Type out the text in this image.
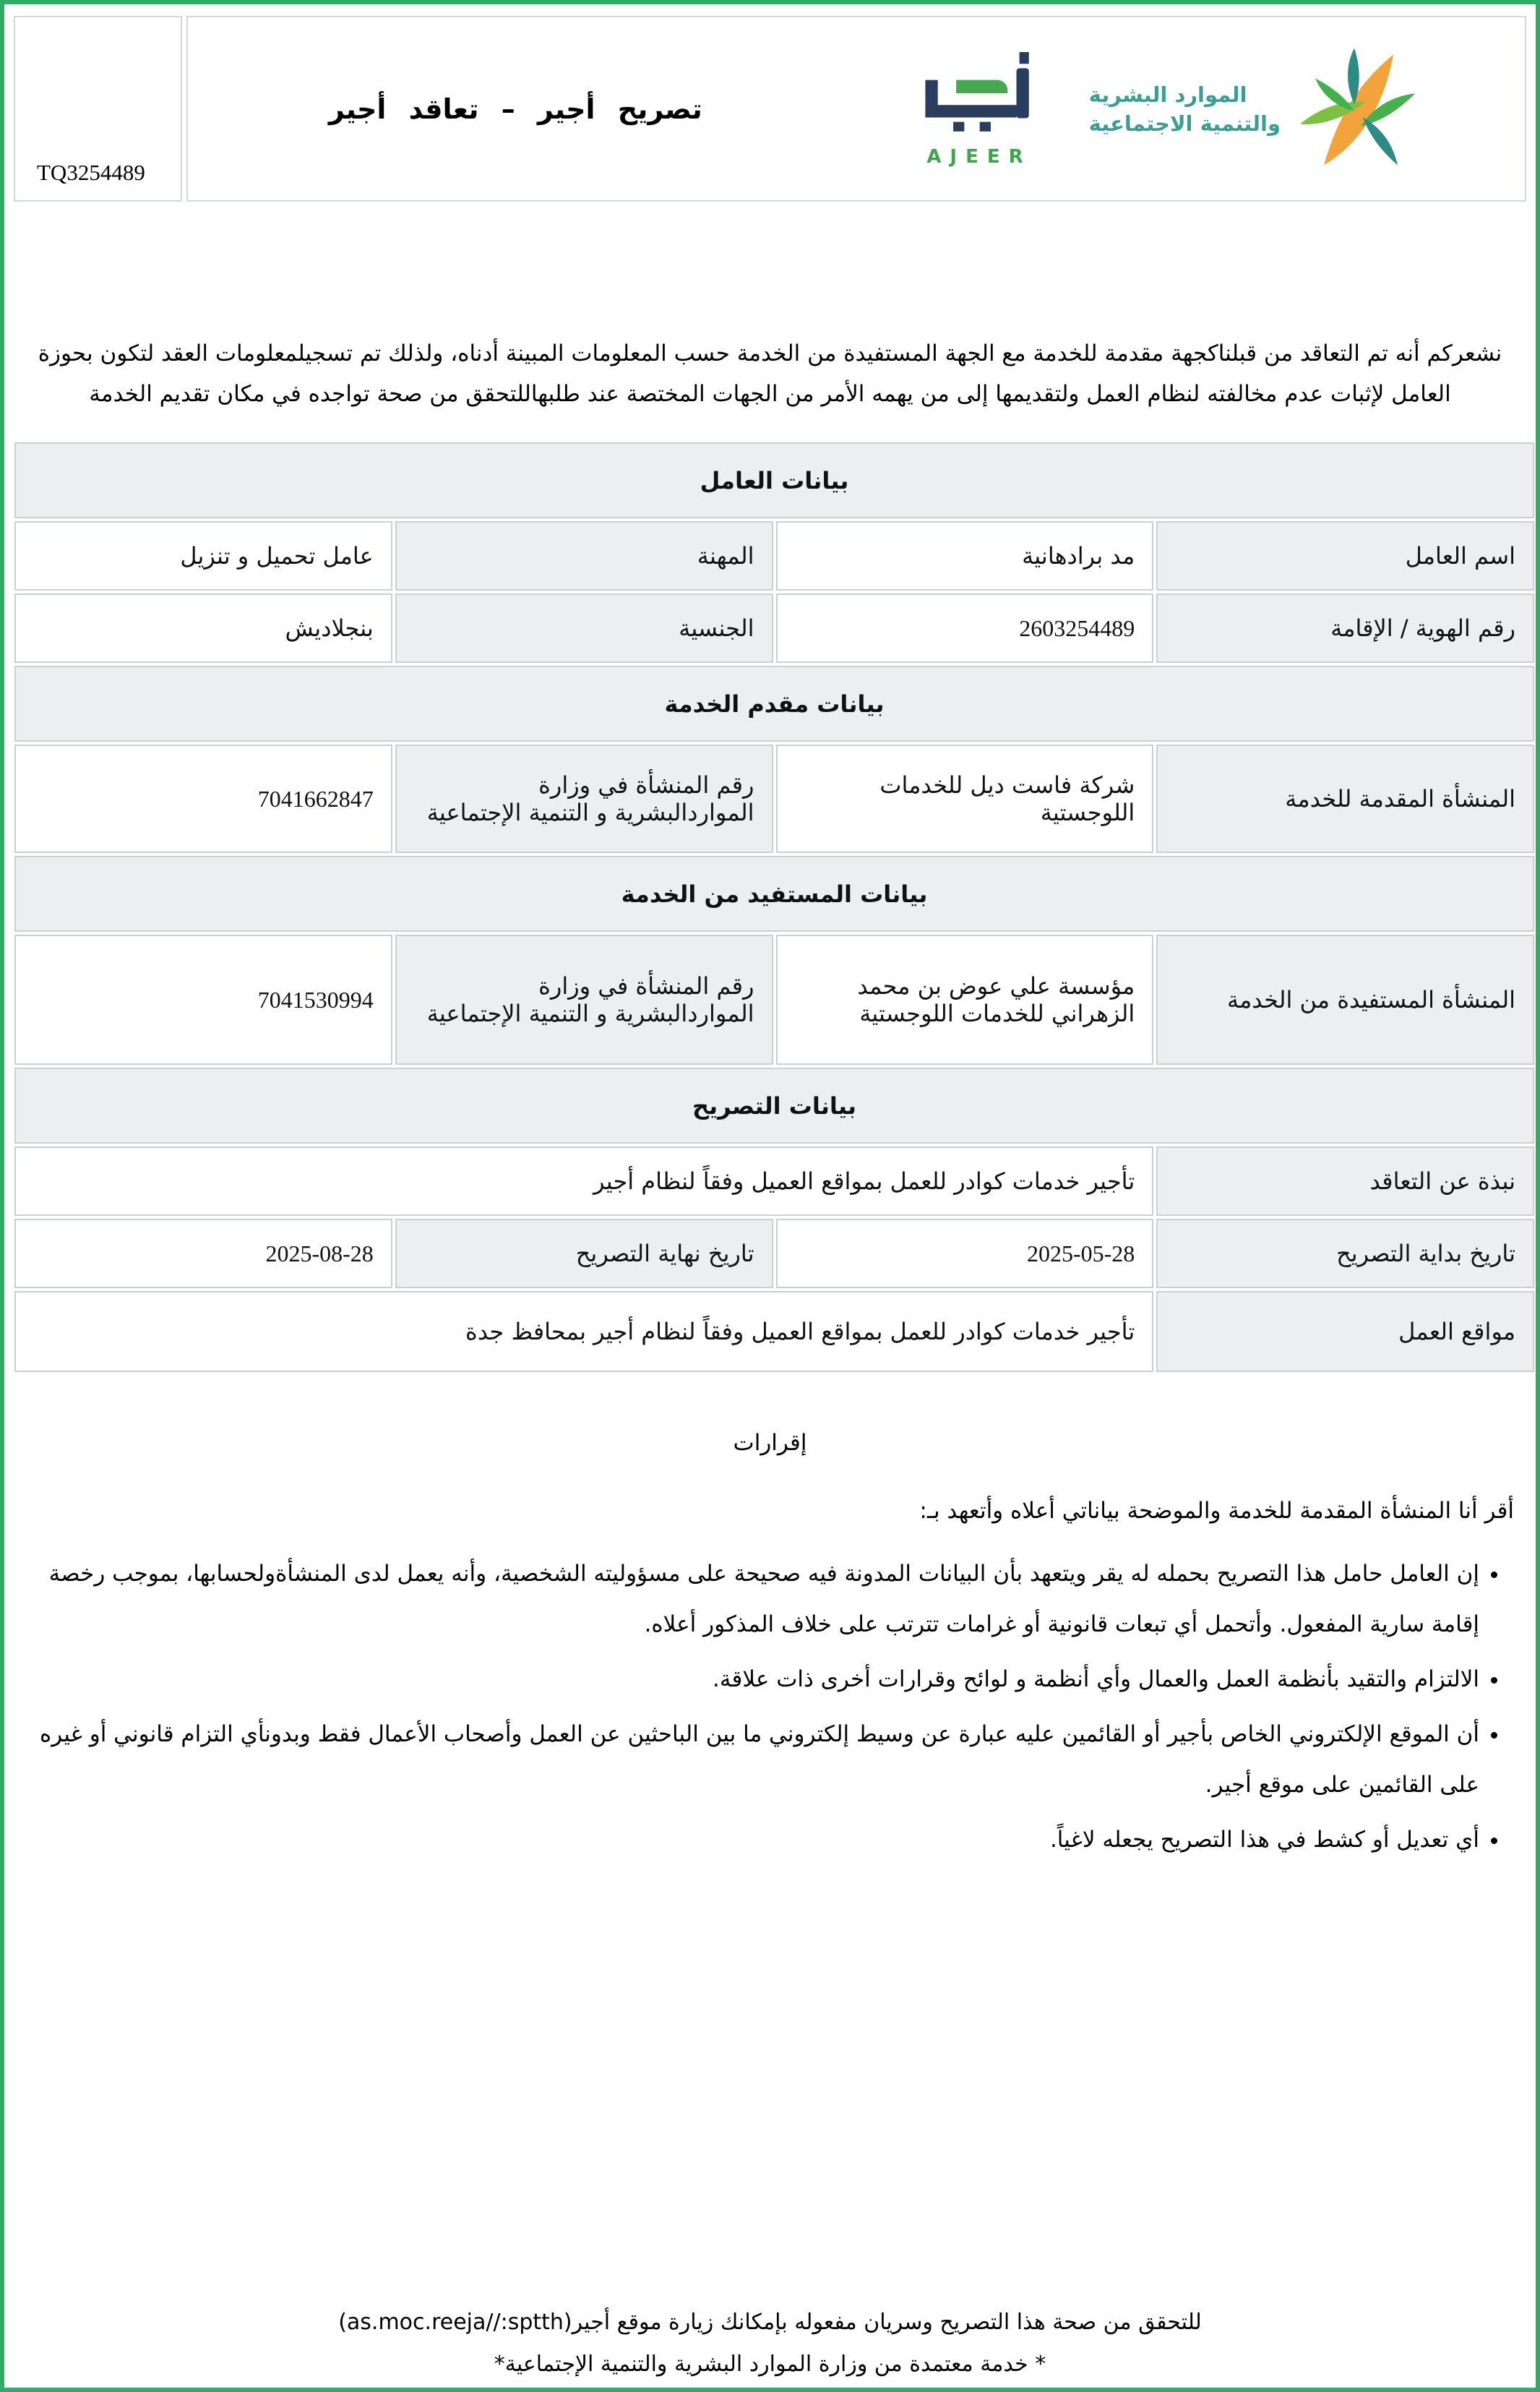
TQ3254489
الموارد البشرية
والتنمية الاجتماعية
AJEER
تصريح أجير – تعاقد أجير
نشعركم أنه تم التعاقد من قبلناكجهة مقدمة للخدمة مع الجهة المستفيدة من الخدمة حسب المعلومات المبينة أدناه، ولذلك تم تسجيلمعلومات العقد لتكون بحوزة العامل لإثبات عدم مخالفته لنظام العمل ولتقديمها إلى من يهمه الأمر من الجهات المختصة عند طلبهاللتحقق من صحة تواجده في مكان تقديم الخدمة
بيانات العامل			
اسم العامل	مد برادهانية	المهنة	عامل تحميل و تنزيل
رقم الهوية / الإقامة	2603254489	الجنسية	بنجلاديش
بيانات مقدم الخدمة			
المنشأة المقدمة للخدمة	شركة فاست ديل للخدمات اللوجستية	رقم المنشأة في وزارة المواردالبشرية و التنمية الإجتماعية	7041662847
بيانات المستفيد من الخدمة			
المنشأة المستفيدة من الخدمة	مؤسسة علي عوض بن محمد الزهراني للخدمات اللوجستية	رقم المنشأة في وزارة المواردالبشرية و التنمية الإجتماعية	7041530994
بيانات التصريح			
نبذة عن التعاقد	تأجير خدمات كوادر للعمل بمواقع العميل وفقاً لنظام أجير		
تاريخ بداية التصريح	2025-05-28	تاريخ نهاية التصريح	2025-08-28
مواقع العمل	تأجير خدمات كوادر للعمل بمواقع العميل وفقاً لنظام أجير بمحافظ جدة		
إقرارات
أقر أنا المنشأة المقدمة للخدمة والموضحة بياناتي أعلاه وأتعهد بـ:
• إن العامل حامل هذا التصريح بحمله له يقر ويتعهد بأن البيانات المدونة فيه صحيحة على مسؤوليته الشخصية، وأنه يعمل لدى المنشأةولحسابها، بموجب رخصة إقامة سارية المفعول. وأتحمل أي تبعات قانونية أو غرامات تترتب على خلاف المذكور أعلاه.
• الالتزام والتقيد بأنظمة العمل والعمال وأي أنظمة و لوائح وقرارات أخرى ذات علاقة.
• أن الموقع الإلكتروني الخاص بأجير أو القائمين عليه عبارة عن وسيط إلكتروني ما بين الباحثين عن العمل وأصحاب الأعمال فقط وبدونأي التزام قانوني أو غيره على القائمين على موقع أجير.
• أي تعديل أو كشط في هذا التصريح يجعله لاغياً.
للتحقق من صحة هذا التصريح وسريان مفعوله بإمكانك زيارة موقع أجير(as.moc.reeja//:sptth)
* خدمة معتمدة من وزارة الموارد البشرية والتنمية الإجتماعية*
